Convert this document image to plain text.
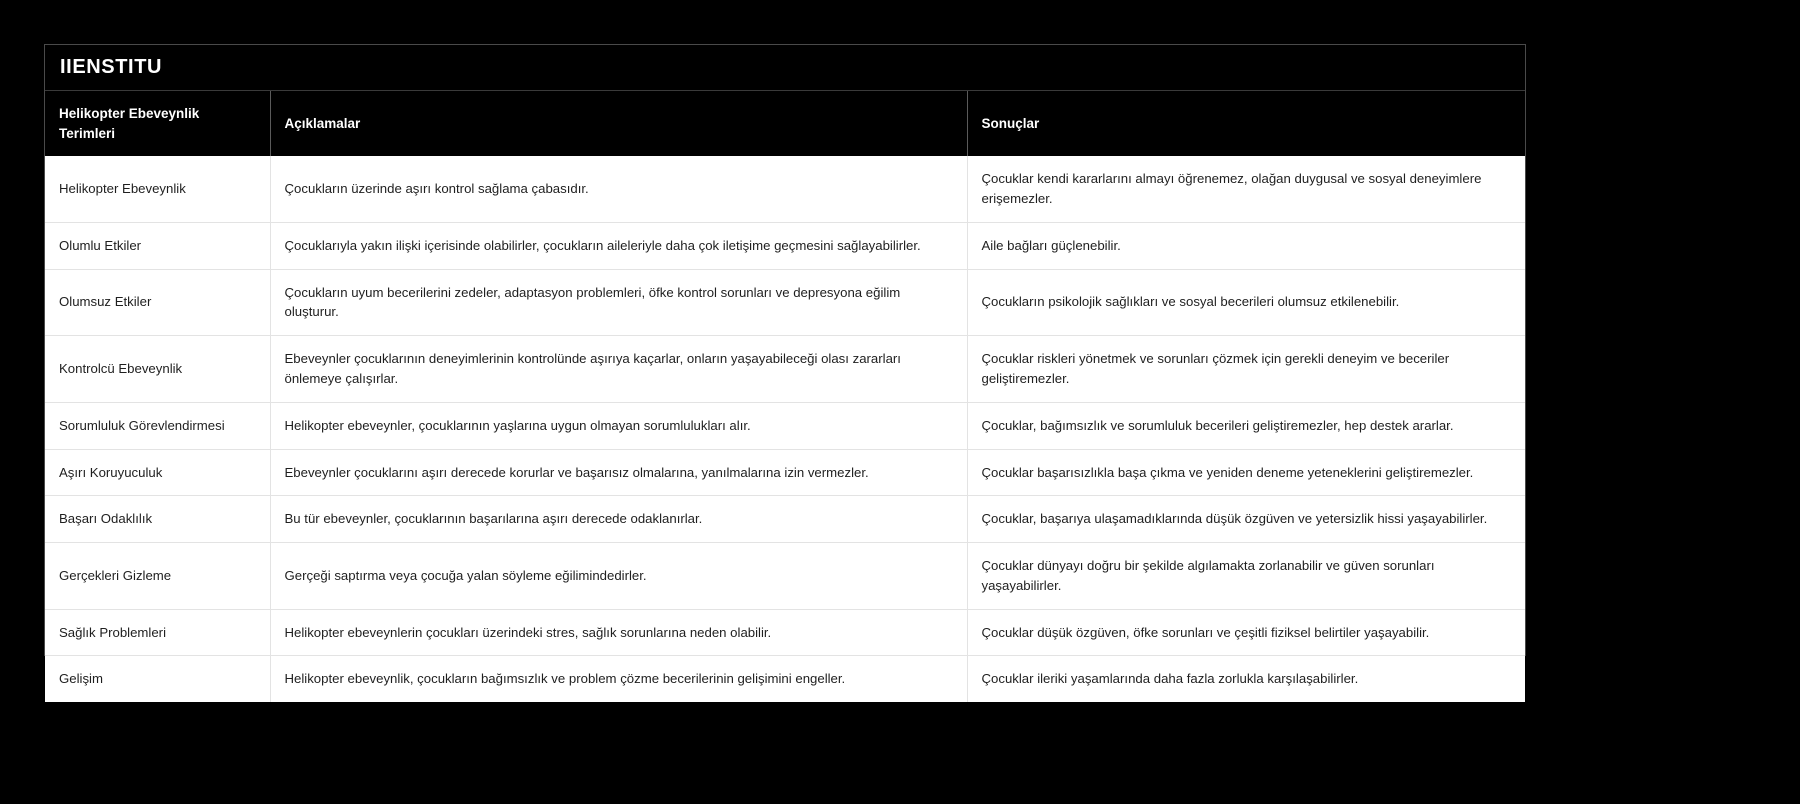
IIENSTITU
Helikopter Ebeveynlik Terimleri	Açıklamalar	Sonuçlar
Helikopter Ebeveynlik	Çocukların üzerinde aşırı kontrol sağlama çabasıdır.	Çocuklar kendi kararlarını almayı öğrenemez, olağan duygusal ve sosyal deneyimlere erişemezler.
Olumlu Etkiler	Çocuklarıyla yakın ilişki içerisinde olabilirler, çocukların aileleriyle daha çok iletişime geçmesini sağlayabilirler.	Aile bağları güçlenebilir.
Olumsuz Etkiler	Çocukların uyum becerilerini zedeler, adaptasyon problemleri, öfke kontrol sorunları ve depresyona eğilim oluşturur.	Çocukların psikolojik sağlıkları ve sosyal becerileri olumsuz etkilenebilir.
Kontrolcü Ebeveynlik	Ebeveynler çocuklarının deneyimlerinin kontrolünde aşırıya kaçarlar, onların yaşayabileceği olası zararları önlemeye çalışırlar.	Çocuklar riskleri yönetmek ve sorunları çözmek için gerekli deneyim ve beceriler geliştiremezler.
Sorumluluk Görevlendirmesi	Helikopter ebeveynler, çocuklarının yaşlarına uygun olmayan sorumlulukları alır.	Çocuklar, bağımsızlık ve sorumluluk becerileri geliştiremezler, hep destek ararlar.
Aşırı Koruyuculuk	Ebeveynler çocuklarını aşırı derecede korurlar ve başarısız olmalarına, yanılmalarına izin vermezler.	Çocuklar başarısızlıkla başa çıkma ve yeniden deneme yeteneklerini geliştiremezler.
Başarı Odaklılık	Bu tür ebeveynler, çocuklarının başarılarına aşırı derecede odaklanırlar.	Çocuklar, başarıya ulaşamadıklarında düşük özgüven ve yetersizlik hissi yaşayabilirler.
Gerçekleri Gizleme	Gerçeği saptırma veya çocuğa yalan söyleme eğilimindedirler.	Çocuklar dünyayı doğru bir şekilde algılamakta zorlanabilir ve güven sorunları yaşayabilirler.
Sağlık Problemleri	Helikopter ebeveynlerin çocukları üzerindeki stres, sağlık sorunlarına neden olabilir.	Çocuklar düşük özgüven, öfke sorunları ve çeşitli fiziksel belirtiler yaşayabilir.
Gelişim	Helikopter ebeveynlik, çocukların bağımsızlık ve problem çözme becerilerinin gelişimini engeller.	Çocuklar ileriki yaşamlarında daha fazla zorlukla karşılaşabilirler.
